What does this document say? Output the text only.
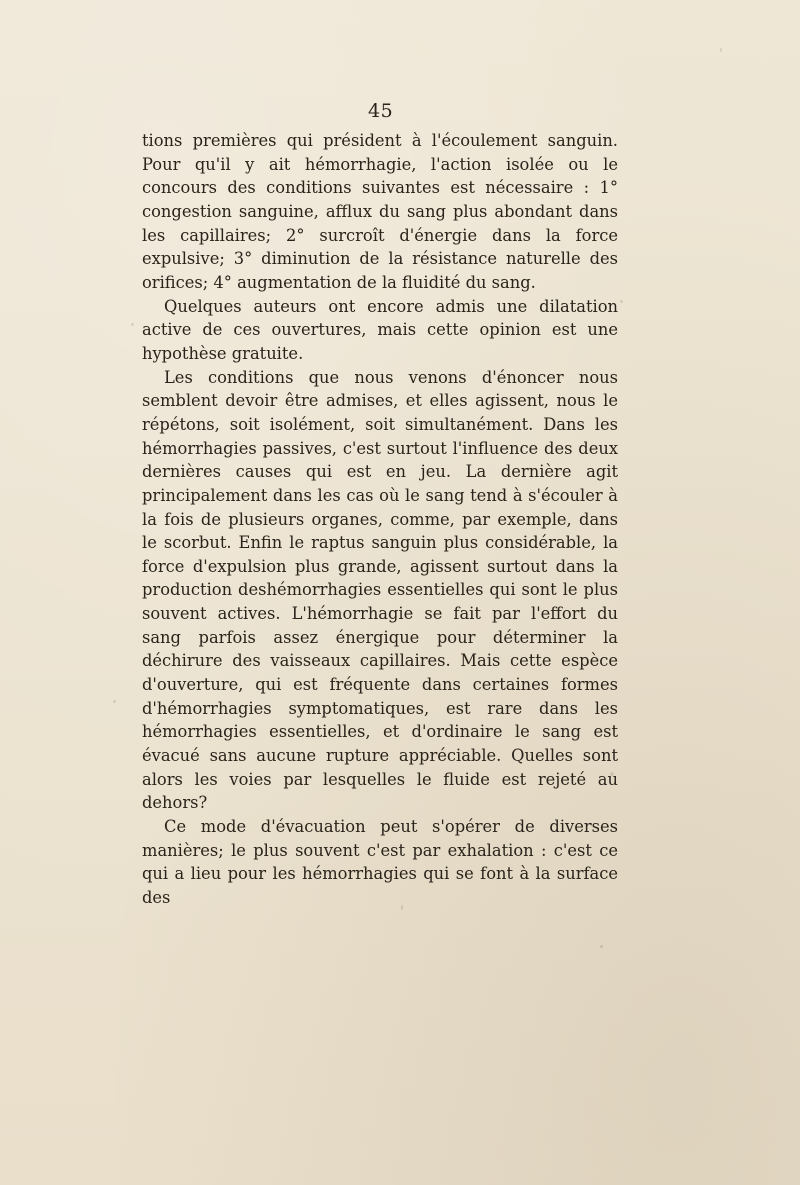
45

tions premières qui président à l'écoulement sanguin. Pour qu'il y ait hémorrhagie, l'action isolée ou le concours des conditions suivantes est nécessaire : 1° congestion sanguine, afflux du sang plus abondant dans les capillaires; 2° surcroît d'énergie dans la force expulsive; 3° diminution de la résistance naturelle des orifices; 4° augmentation de la fluidité du sang.

Quelques auteurs ont encore admis une dilatation active de ces ouvertures, mais cette opinion est une hypothèse gratuite.

Les conditions que nous venons d'énoncer nous semblent devoir être admises, et elles agissent, nous le répétons, soit isolément, soit simultanément. Dans les hémorrhagies passives, c'est surtout l'influence des deux dernières causes qui est en jeu. La dernière agit principalement dans les cas où le sang tend à s'écouler à la fois de plusieurs organes, comme, par exemple, dans le scorbut. Enfin le raptus sanguin plus considérable, la force d'expulsion plus grande, agissent surtout dans la production deshémorrhagies essentielles qui sont le plus souvent actives. L'hémorrhagie se fait par l'effort du sang parfois assez énergique pour déterminer la déchirure des vaisseaux capillaires. Mais cette espèce d'ouverture, qui est fréquente dans certaines formes d'hémorrhagies symptomatiques, est rare dans les hémorrhagies essentielles, et d'ordinaire le sang est évacué sans aucune rupture appréciable. Quelles sont alors les voies par lesquelles le fluide est rejeté au dehors?

Ce mode d'évacuation peut s'opérer de diverses manières; le plus souvent c'est par exhalation : c'est ce qui a lieu pour les hémorrhagies qui se font à la surface des
